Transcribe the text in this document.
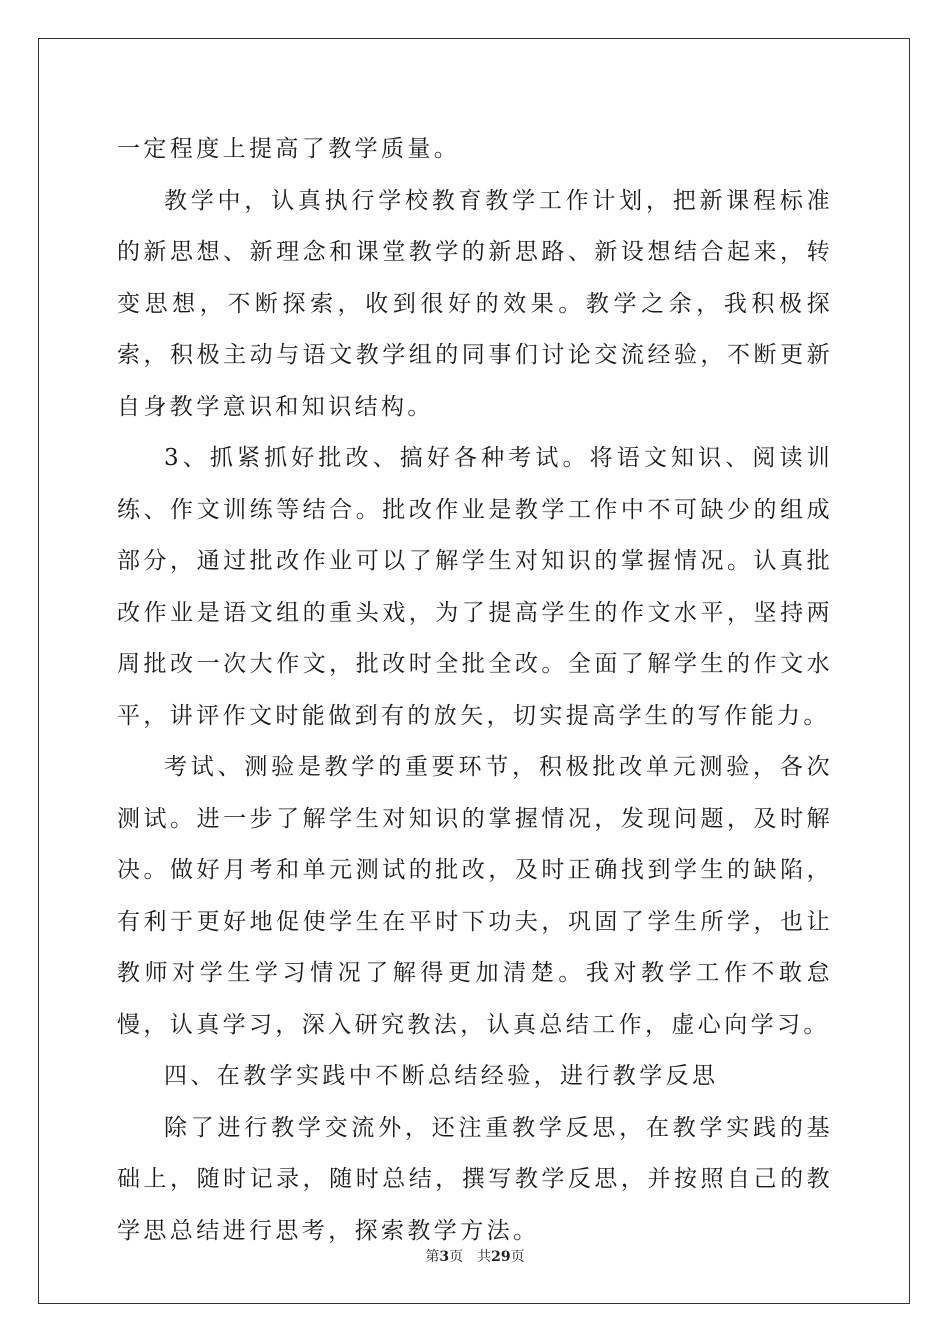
一定程度上提高了教学质量。

教学中，认真执行学校教育教学工作计划，把新课程标准的新思想、新理念和课堂教学的新思路、新设想结合起来，转变思想，不断探索，收到很好的效果。教学之余，我积极探索，积极主动与语文教学组的同事们讨论交流经验，不断更新自身教学意识和知识结构。

3、抓紧抓好批改、搞好各种考试。将语文知识、阅读训练、作文训练等结合。批改作业是教学工作中不可缺少的组成部分，通过批改作业可以了解学生对知识的掌握情况。认真批改作业是语文组的重头戏，为了提高学生的作文水平，坚持两周批改一次大作文，批改时全批全改。全面了解学生的作文水平，讲评作文时能做到有的放矢，切实提高学生的写作能力。

考试、测验是教学的重要环节，积极批改单元测验，各次测试。进一步了解学生对知识的掌握情况，发现问题，及时解决。做好月考和单元测试的批改，及时正确找到学生的缺陷，有利于更好地促使学生在平时下功夫，巩固了学生所学，也让教师对学生学习情况了解得更加清楚。我对教学工作不敢怠慢，认真学习，深入研究教法，认真总结工作，虚心向学习。

四、在教学实践中不断总结经验，进行教学反思

除了进行教学交流外，还注重教学反思，在教学实践的基础上，随时记录，随时总结，撰写教学反思，并按照自己的教学思总结进行思考，探索教学方法。

第3页 共29页
